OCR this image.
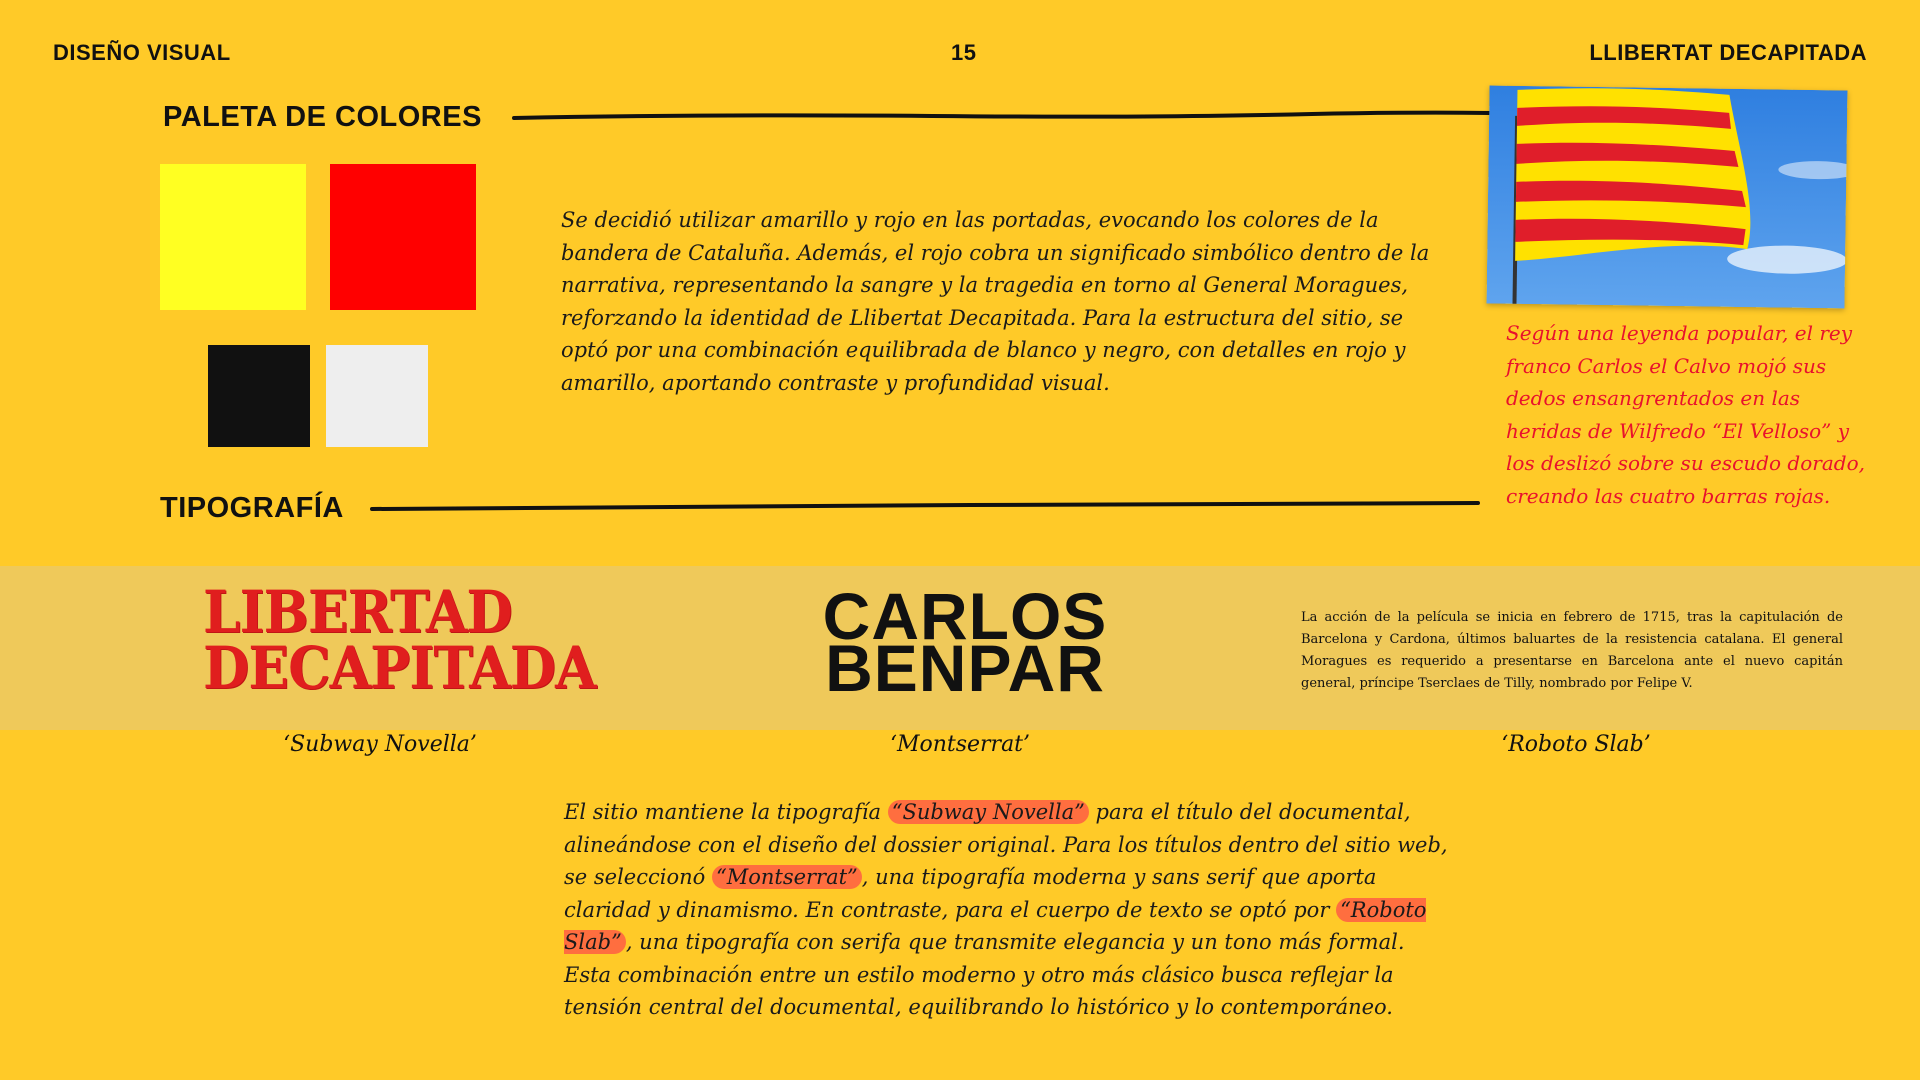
DISEÑO VISUAL	15	LLIBERTAT DECAPITADA
PALETA DE COLORES
Se decidió utilizar amarillo y rojo en las portadas, evocando los colores de la bandera de Cataluña. Además, el rojo cobra un significado simbólico dentro de la narrativa, representando la sangre y la tragedia en torno al General Moragues, reforzando la identidad de Llibertat Decapitada. Para la estructura del sitio, se optó por una combinación equilibrada de blanco y negro, con detalles en rojo y amarillo, aportando contraste y profundidad visual.
Según una leyenda popular, el rey franco Carlos el Calvo mojó sus dedos ensangrentados en las heridas de Wilfredo “El Velloso” y los deslizó sobre su escudo dorado, creando las cuatro barras rojas.
TIPOGRAFÍA
LIBERTAD
DECAPITADA
CARLOS
BENPAR
La acción de la película se inicia en febrero de 1715, tras la capitulación de Barcelona y Cardona, últimos baluartes de la resistencia catalana. El general Moragues es requerido a presentarse en Barcelona ante el nuevo capitán general, príncipe Tserclaes de Tilly, nombrado por Felipe V.
‘Subway Novella’	‘Montserrat’	‘Roboto Slab’
El sitio mantiene la tipografía “Subway Novella” para el título del documental, alineándose con el diseño del dossier original. Para los títulos dentro del sitio web, se seleccionó “Montserrat” , una tipografía moderna y sans serif que aporta claridad y dinamismo. En contraste, para el cuerpo de texto se optó por “Roboto Slab” , una tipografía con serifa que transmite elegancia y un tono más formal. Esta combinación entre un estilo moderno y otro más clásico busca reflejar la tensión central del documental, equilibrando lo histórico y lo contemporáneo.
